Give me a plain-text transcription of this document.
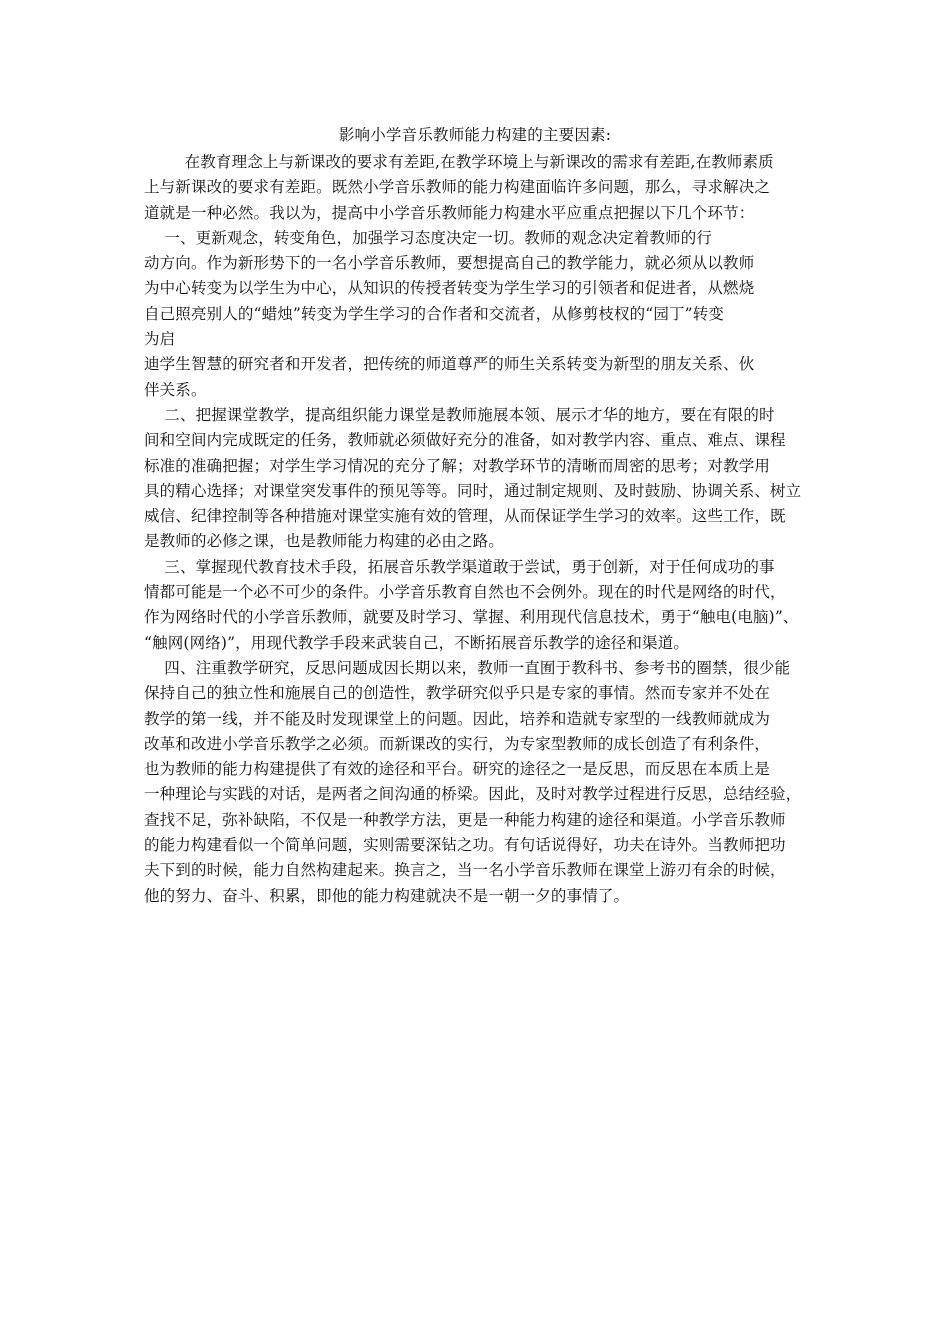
影响小学音乐教师能力构建的主要因素:
在教育理念上与新课改的要求有差距,在教学环境上与新课改的需求有差距,在教师素质
上与新课改的要求有差距。既然小学音乐教师的能力构建面临许多问题，那么，寻求解决之
道就是一种必然。我以为，提高中小学音乐教师能力构建水平应重点把握以下几个环节：
一、更新观念，转变角色，加强学习态度决定一切。教师的观念决定着教师的行
动方向。作为新形势下的一名小学音乐教师，要想提高自己的教学能力，就必须从以教师
为中心转变为以学生为中心，从知识的传授者转变为学生学习的引领者和促进者，从燃烧
自己照亮别人的“蜡烛”转变为学生学习的合作者和交流者，从修剪枝杈的“园丁”转变
为启
迪学生智慧的研究者和开发者，把传统的师道尊严的师生关系转变为新型的朋友关系、伙
伴关系。
二、把握课堂教学，提高组织能力课堂是教师施展本领、展示才华的地方，要在有限的时
间和空间内完成既定的任务，教师就必须做好充分的准备，如对教学内容、重点、难点、课程
标准的准确把握；对学生学习情况的充分了解；对教学环节的清晰而周密的思考；对教学用
具的精心选择；对课堂突发事件的预见等等。同时，通过制定规则、及时鼓励、协调关系、树立
威信、纪律控制等各种措施对课堂实施有效的管理，从而保证学生学习的效率。这些工作，既
是教师的必修之课，也是教师能力构建的必由之路。
三、掌握现代教育技术手段，拓展音乐教学渠道敢于尝试，勇于创新，对于任何成功的事
情都可能是一个必不可少的条件。小学音乐教育自然也不会例外。现在的时代是网络的时代，
作为网络时代的小学音乐教师，就要及时学习、掌握、利用现代信息技术，勇于“触电(电脑)”、
“触网(网络)”，用现代教学手段来武装自己，不断拓展音乐教学的途径和渠道。
四、注重教学研究，反思问题成因长期以来，教师一直囿于教科书、参考书的圈禁，很少能
保持自己的独立性和施展自己的创造性，教学研究似乎只是专家的事情。然而专家并不处在
教学的第一线，并不能及时发现课堂上的问题。因此，培养和造就专家型的一线教师就成为
改革和改进小学音乐教学之必须。而新课改的实行，为专家型教师的成长创造了有利条件，
也为教师的能力构建提供了有效的途径和平台。研究的途径之一是反思，而反思在本质上是
一种理论与实践的对话，是两者之间沟通的桥梁。因此，及时对教学过程进行反思，总结经验，
查找不足，弥补缺陷，不仅是一种教学方法，更是一种能力构建的途径和渠道。小学音乐教师
的能力构建看似一个简单问题，实则需要深钻之功。有句话说得好，功夫在诗外。当教师把功
夫下到的时候，能力自然构建起来。换言之，当一名小学音乐教师在课堂上游刃有余的时候，
他的努力、奋斗、积累，即他的能力构建就决不是一朝一夕的事情了。
